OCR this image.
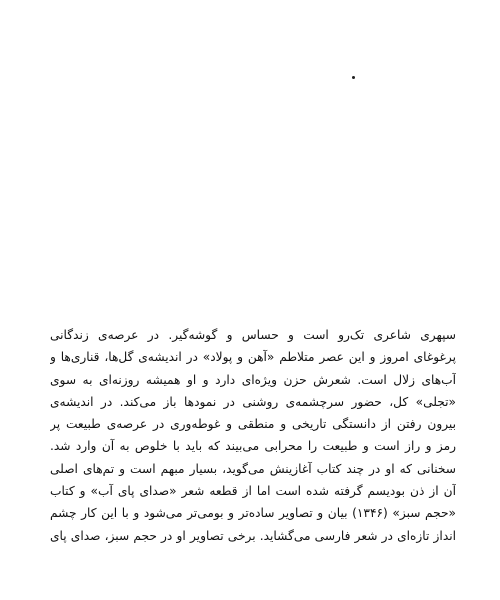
سپهری شاعری تک‌رو است و حساس و گوشه‌گیر. در عرصه‌ی زندگانی
پرغوغای امروز و این عصر متلاطم «آهن و پولاد» در اندیشه‌ی گل‌ها، قناری‌ها و
آب‌های زلال است. شعرش حزن ویژه‌ای دارد و او همیشه روزنه‌ای به سوی
«تجلی» کل، حضور سرچشمه‌ی روشنی در نمودها باز می‌کند. در اندیشه‌ی
بیرون رفتن از دانستگی تاریخی و منطقی و غوطه‌وری در عرصه‌ی طبیعت پر
رمز و راز است و طبیعت را محرابی می‌بیند که باید با خلوص به آن وارد شد.
سخنانی که او در چند کتاب آغازینش می‌گوید، بسیار مبهم است و تم‌های اصلی
آن از ذن بودیسم گرفته شده است اما از قطعه شعر «صدای پای آب» و کتاب
«حجم سبز» (۱۳۴۶) بیان و تصاویر ساده‌تر و بومی‌تر می‌شود و با این کار چشم
انداز تازه‌ای در شعر فارسی می‌گشاید. برخی تصاویر او در حجم سبز، صدای پای
